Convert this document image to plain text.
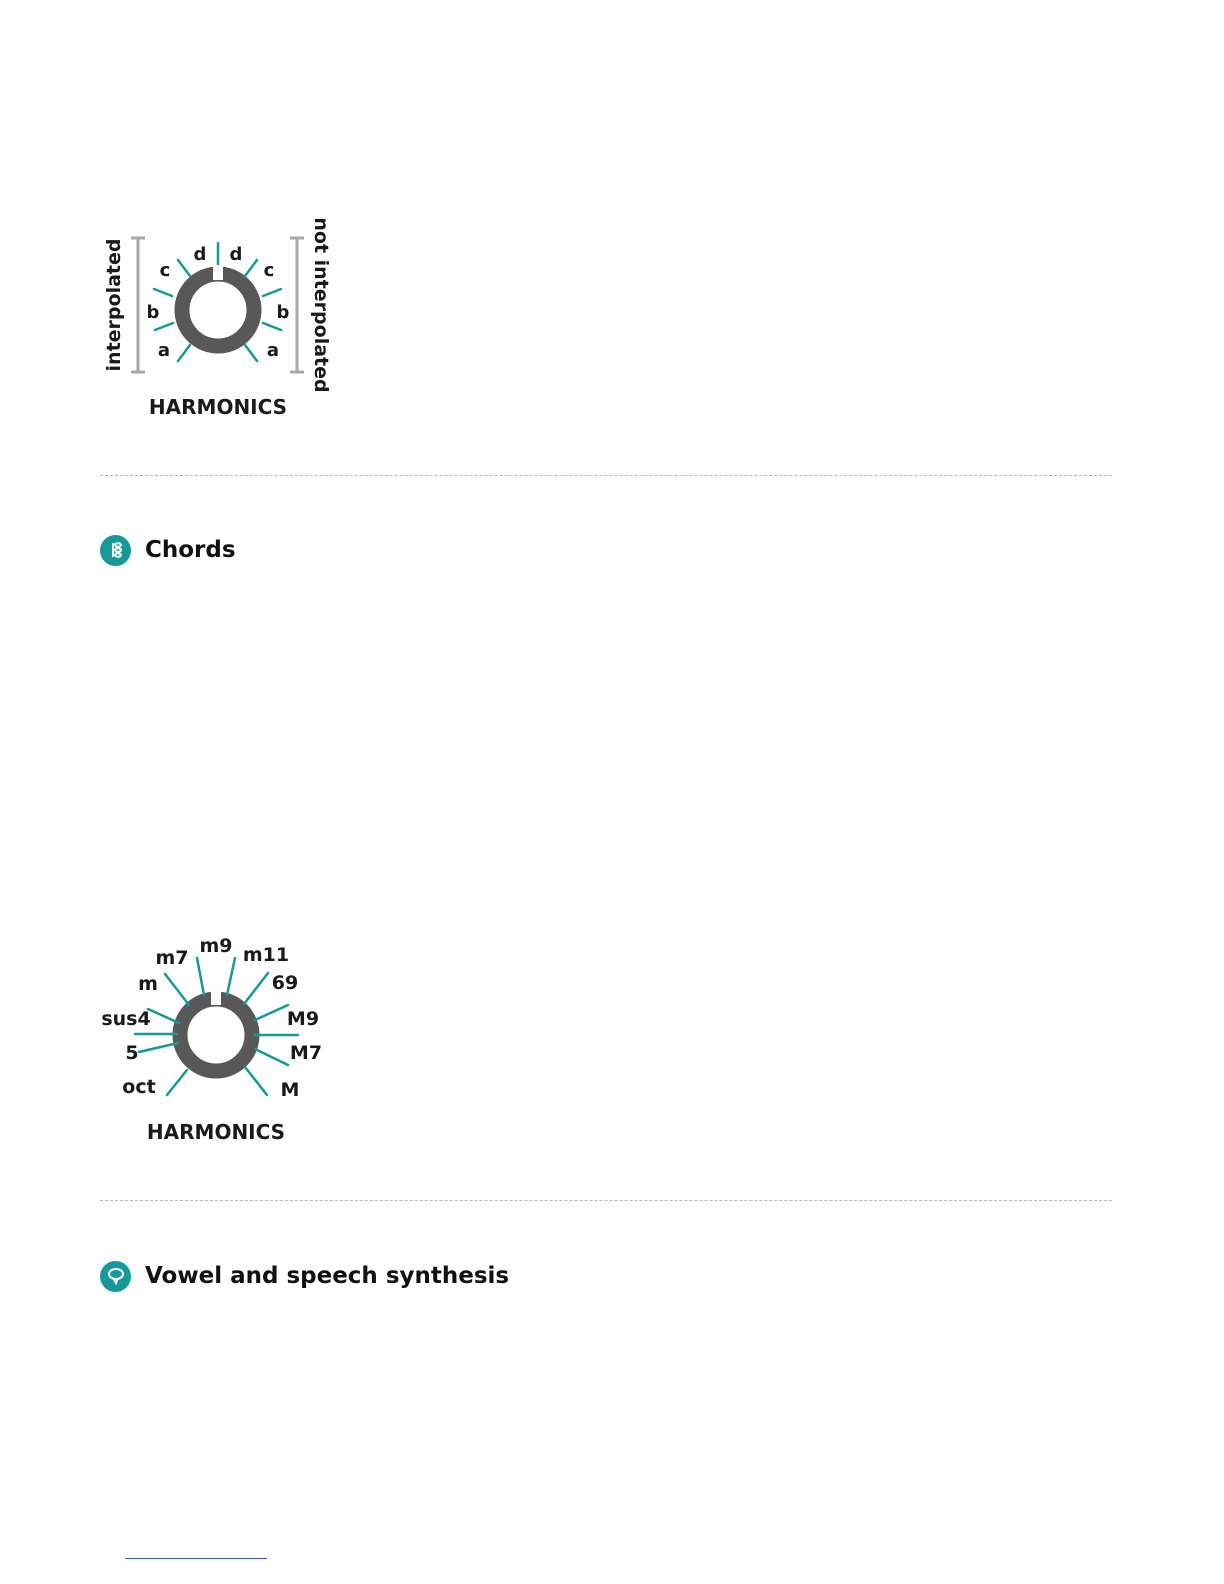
interpolated	not interpolated
a
b
c
d d
c
b
a
HARMONICS
Chords
oct
5
sus4
m
m7
m9 m11
69
M9
M7
M
HARMONICS
Vowel and speech synthesis
